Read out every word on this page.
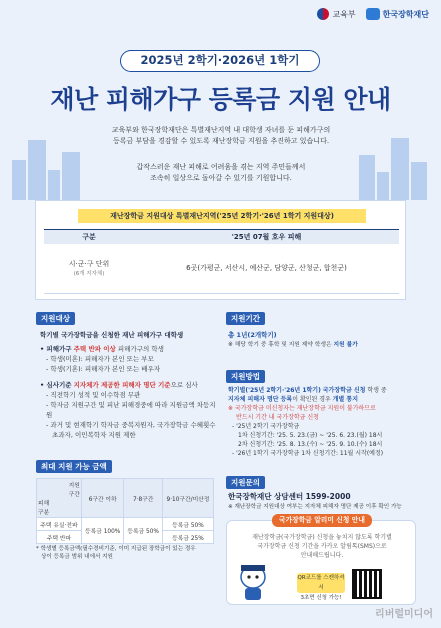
교육부	한국장학재단
2025년 2학기·2026년 1학기
재난 피해가구 등록금 지원 안내
교육부와 한국장학재단은 특별재난지역 내 대학생 자녀를 둔 피해가구의
등록금 부담을 경감할 수 있도록 재난장학금 지원을 추진하고 있습니다.
갑작스러운 재난 피해로 어려움을 겪는 지역 주민들께서
조속히 일상으로 돌아갈 수 있기를 기원합니다.
재난장학금 지원대상 특별재난지역('25년 2학기·'26년 1학기 지원대상)
구분	'25년 07월 호우 피해
시·군·구 단위
(6개 지자체)	6곳(가평군, 서산시, 예산군, 담양군, 산청군, 합천군)
지원대상
학기별 국가장학금을 신청한 재난 피해가구 대학생
• 피해가구 주택 반파 이상 피해가구의 학생
- 학생(미혼): 피해자가 본인 또는 부모
- 학생(기혼): 피해자가 본인 또는 배우자
• 심사기준 지자체가 제공한 피해자 명단 기준으로 심사
- 직전학기 성적 및 이수학점 무관
- 학자금 지원구간 및 피난 피해경중에 따라 지원금액 차등지원
- 과거 및 현재학기 학자금 중복지원자, 국가장학금 수혜횟수
초과자, 이민복학자 지원 제한
최대 지원 가능 금액
지원
구간
피해
구분	6구간 이하	7·8구간	9·10구간/미산정
주택 유실·전파	등록금 100%	등록금 50%	등록금 50%
주택 반파			등록금 25%
* 학생별 등록금액(필수경비기준, 이미 지급된 장학금이 있는 경우
상이 등록금 범위 내에서 지원
지원기간
총 1년(2개학기)
※ 해당 학기 중 휴학 및 지원 제약 학생은 지원 불가
지원방법
학기별('25년 2학기·'26년 1학기) 국가장학금 신청 학생 중
지자체 피해자 명단 등록이 확인된 경우 개별 통지
※ 국가장학금 미신청자는 재난장학금 지원이 불가하므로
반드시 기간 내 국가장학금 신청
- '25년 2학기 국가장학금
1차 신청기간: '25. 5. 23.(금) ~ '25. 6. 23.(월) 18시
2차 신청기간: '25. 8. 13.(수) ~ '25. 9. 10.(수) 18시
- '26년 1학기 국가장학금 1차 신청기간: 11월 시작(예정)
지원문의
한국장학재단 상담센터 1599-2000
※ 재난장학금 지원대상 여부는 지자체 피해자 명단 제공 이후 확인 가능
국가장학금 알리미 신청 안내
재난장학금(국가장학금) 신청을 놓치지 않도록 학기별
국가장학금 신청 기간을 카카오 알림톡(SMS)으로
안내해드립니다.
QR코드를 스캔하셔서
3초면 신청 가능!
리버럴미디어
